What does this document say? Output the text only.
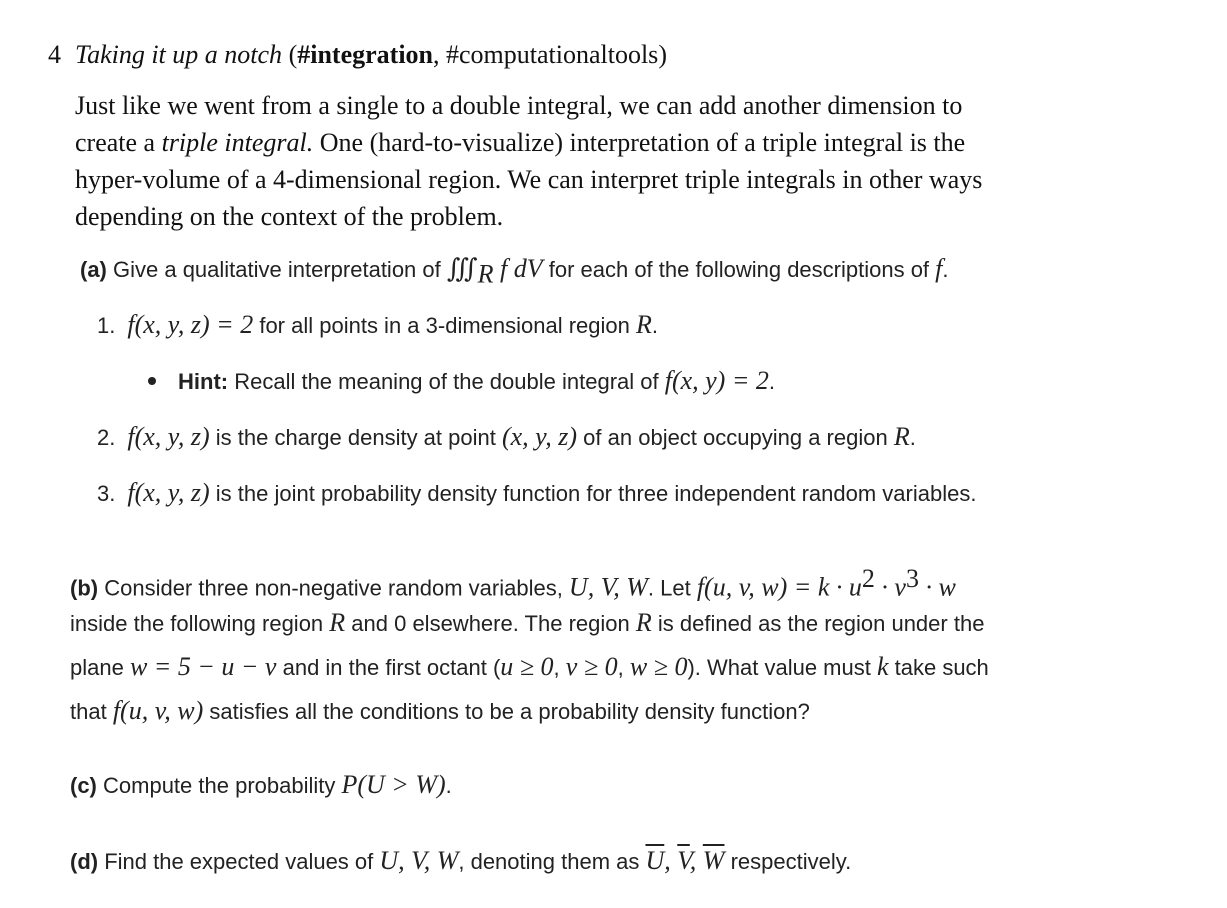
4 Taking it up a notch (#integration, #computationaltools)
Just like we went from a single to a double integral, we can add another dimension to
create a triple integral. One (hard-to-visualize) interpretation of a triple integral is the
hyper-volume of a 4-dimensional region. We can interpret triple integrals in other ways
depending on the context of the problem.
(a) Give a qualitative interpretation of $∭_R$ f dV for each of the following descriptions of f.
1. f(x, y, z) = 2 for all points in a 3-dimensional region R.
Hint: Recall the meaning of the double integral of f(x, y) = 2.
2. f(x, y, z) is the charge density at point (x, y, z) of an object occupying a region R.
3. f(x, y, z) is the joint probability density function for three independent random variables.
(b) Consider three non-negative random variables, U, V, W. Let f(u, v, $w) = k \cdot u^2 \cdot v^3 \cdot w$
inside the following region R and 0 elsewhere. The region R is defined as the region under the
plane w = 5 − u − v and in the first octant (u ≥ 0, v ≥ 0, w ≥ 0). What value must k take such
that f(u, v, w) satisfies all the conditions to be a probability density function?
(c) Compute the probability P(U > W).
(d) Find the expected values of U, V, W, denoting them as $\overline{U}$, $\overline{V}$, $\overline{W}$ respectively.
